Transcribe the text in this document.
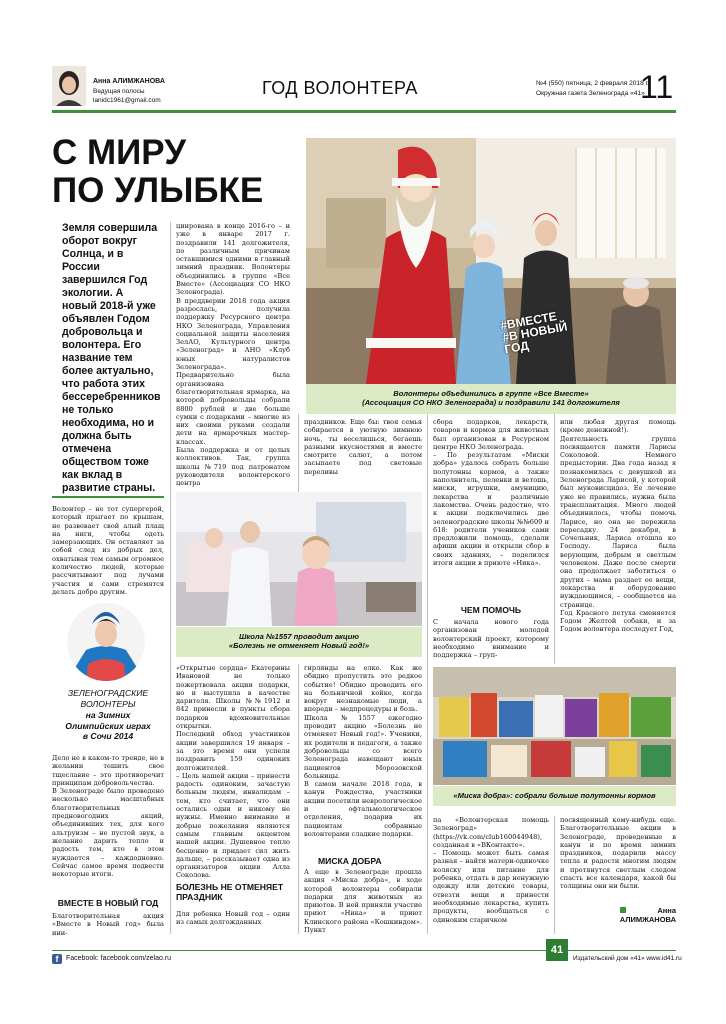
Анна АЛИМЖАНОВА
Ведущая полосы
lanidc1961@gmail.com
ГОД ВОЛОНТЕРА	№4 (550) пятница, 2 февраля 2018 г.
Окружная газета Зеленограда «41»
11
С МИРУ
ПО УЛЫБКЕ
Земля совершила оборот вокруг Солнца, и в России завершился Год экологии. А новый 2018-й уже объявлен Годом добровольца и волонтера. Его название тем более актуально, что работа этих бессеребренников не только необходима, но и должна быть отмечена обществом тоже как вклад в развитие страны.
Волонтер – не тот супергерой, который прыгает по крышам, не развевает свой алый плащ на ниги, чтобы одеть замерзающих. Он оставляет за собой след из добрых дел, охватывая тем самым огромное количество людей, которые рассчитывают под лучами участия и сами стремятся делать добро другим.
ЗЕЛЕНОГРАДСКИЕ
ВОЛОНТЕРЫ
на Зимних
Олимпийских играх
в Сочи 2014
Дело не в каком-то тренде, не в желании тешить свое тщеславие – это противоречит принципам добровольчества.
В Зеленограде было проведено несколько масштабных благотворительных предновогодних акций, объединивших тех, для кого альтруизм – не пустой звук, а желание дарить тепло и радость тем, кто в этом нуждается – каждодневно. Сейчас самое время подвести некоторые итоги.
ВМЕСТЕ В НОВЫЙ ГОД
Благотворительная акция «Вместе в Новый год» была ини-
циирована в конце 2016-го – и уже в январе 2017 г. поздравили 141 долгожителя, по различным причинам оставшимися одними в главный зимний праздник. Волонтеры объединились в группе «Все Вместе» (Ассоциация СО НКО Зеленограда).
В преддверии 2018 года акция разрослась, получила поддержку Ресурсного центра НКО Зеленограда, Управления социальной защиты населения ЗелАО, Культурного центра «Зеленоград» и АНО «Клуб юных натуралистов Зеленограда».
Предварительно была организована благотворительная ярмарка, на которой добровольцы собрали 8800 рублей и две больше сумки с подарками – многие из них своими руками создали дети на ярмарочных мастер-классах.
Была поддержка и от целых коллективов. Так, группа школы №719 под патронатом руководителя волонтерского центра
#ВМЕСТЕ
#В НОВЫЙ
ГОД
Волонтеры объединились в группе «Все Вместе»
(Ассоциация СО НКО Зеленограда) и поздравили 141 долгожителя
праздников. Еще бы: твоя семья собирается в уютную зимнюю ночь, ты веселишься, бегаешь разными вкусностями и вместе смотрите салют, а потом засыпаете под световые переливы
сбора подарков, лекарств, товаров и кормов для животных был организован в Ресурсном центре НКО Зеленограда.
– По результатам «Миски добра» удалось собрать больше полутонны кормов, а также наполнитель, пеленки и ветошь, миски, игрушки, амуницию, лекарства и различные лакомства. Очень радостно, что к акции подключились две зеленоградские школы №№609 и 618: родители учеников сами предложили помощь, сделали афиши акции и открыли сбор в своих зданиях, – поделился итоги акции в приюте «Ника».
ЧЕМ ПОМОЧЬ
С начала нового года организован молодой волонтерский проект, которому необходимо внимание и поддержка – груп-
или любая другая помощь (кроме денежной!).
Деятельность группа посвящается памяти Ларисы Соколовой. Немного предыстории. Два года назад я познакомилась с девушкой из Зеленограда Ларисой, у которой был мукoвисцидоз. Ее лечение уже не правились, нужна была трансплантация. Много людей объединилось, чтобы помочь Ларисе, но она не пережила пересадку. 24 декабря, в Сочельник, Лариса отошла ко Господу. Лариса была верующим, добрым и светлым человеком. Даже после смерти она продолжает заботиться о других – мама раздает ее вещи, лекарства и оборудование нуждающимся, – сообщается на странице.
Год Красного петуха сменяется Годом Желтой собаки, и за Годом волонтера последует Год,
Школа №1557 проводит акцию
«Болезнь не отменяет Новый год!»
«Открытые сердца» Екатерины Ивановой не только пожертвовала акции подарки, но и выступила в качестве дарителя. Школы №№1912 и 842 принесли в пункты сбора подарков вдохновительные открытки.
Последний обход участников акции завершился 19 января – за это время они успели поздравить 159 одиноких долгожителей.
– Цель нашей акции – принести радость одиноким, зачастую больным людям, инвалидам – тем, кто считает, что они остались одни и никому не нужны. Именно внимание и добрые пожелания являются самым главным акцентом нашей акции. Душевное тепло бесценно и придает сил жить дальше, – рассказывает одна из организаторов акции Алла Соколова.
БОЛЕЗНЬ НЕ ОТМЕНЯЕТ ПРАЗДНИК
Для ребенка Новый год – один из самых долгожданных
гирлянды на елке. Как же обидно пропустить это редкое событие! Обидно проводить его на больничной койке, когда вокруг незнакомые люди, а впереди – медпроцедуры и боль.
Школа №1557 ежегодно проводит акцию «Болезнь не отменяет Новый год!». Ученики, их родители и педагоги, а также добровольцы со всего Зеленограда навещают юных пациентов Морозовской больницы.
В самом начале 2018 года, в канун Рождества, участники акции посетили неврологическое и офтальмологическое отделения, подарив их пациентам собранные волонтерами сладкие подарки.
МИСКА ДОБРА
А еще в Зеленограде прошла акция «Миска добра», в ходе которой волонтеры собирали подарки для животных из приютов. В ней приняли участие приют «Ника» и приют Клинского района «Кошкиндом». Пункт
«Миска добра»: собрали больше полутонны кормов
па «Волонтерская помощь Зеленоград» (https://vk.com/club160044948), созданная в «ВКонтакте».
– Помощь может быть самая разная – найти матери-одиночке коляску или питание для ребенка, отдать в дар ненужную одежду или детские товары, отвезти вещи и принести необходимые лекарства, купить продукты, вообщаться с одиноким старичком
посвященный кому-нибудь еще. Благотворительные акции в Зеленограде, проведенные в канун и по время зимних праздников, подарили массу тепла и радости многим людям и протянутся светлым следом спасть все календаря, какой бы толщины они ни были.
Анна
АЛИМЖАНОВА
f	Facebook: facebook.com/zelao.ru
41
Издательский дом «41» www.id41.ru
